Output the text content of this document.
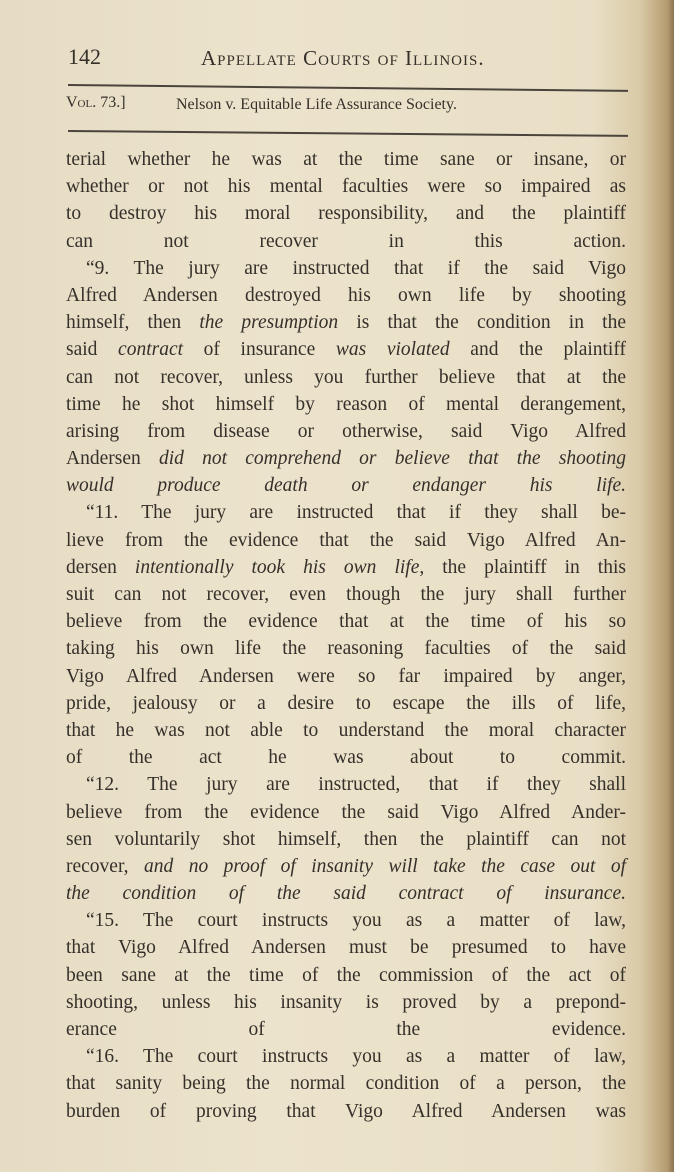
142	Appellate Courts of Illinois.
Vol. 73.]	Nelson v. Equitable Life Assurance Society.
terial whether he was at the time sane or insane, or
whether or not his mental faculties were so impaired as
to destroy his moral responsibility, and the plaintiff
can not recover in this action.
“9. The jury are instructed that if the said Vigo
Alfred Andersen destroyed his own life by shooting
himself, then the presumption is that the condition in the
said contract of insurance was violated and the plaintiff
can not recover, unless you further believe that at the
time he shot himself by reason of mental derangement,
arising from disease or otherwise, said Vigo Alfred
Andersen did not comprehend or believe that the shooting
would produce death or endanger his life.
“11. The jury are instructed that if they shall be-
lieve from the evidence that the said Vigo Alfred An-
dersen intentionally took his own life, the plaintiff in this
suit can not recover, even though the jury shall further
believe from the evidence that at the time of his so
taking his own life the reasoning faculties of the said
Vigo Alfred Andersen were so far impaired by anger,
pride, jealousy or a desire to escape the ills of life,
that he was not able to understand the moral character
of the act he was about to commit.
“12. The jury are instructed, that if they shall
believe from the evidence the said Vigo Alfred Ander-
sen voluntarily shot himself, then the plaintiff can not
recover, and no proof of insanity will take the case out of
the condition of the said contract of insurance.
“15. The court instructs you as a matter of law,
that Vigo Alfred Andersen must be presumed to have
been sane at the time of the commission of the act of
shooting, unless his insanity is proved by a prepond-
erance of the evidence.
“16. The court instructs you as a matter of law,
that sanity being the normal condition of a person, the
burden of proving that Vigo Alfred Andersen was
